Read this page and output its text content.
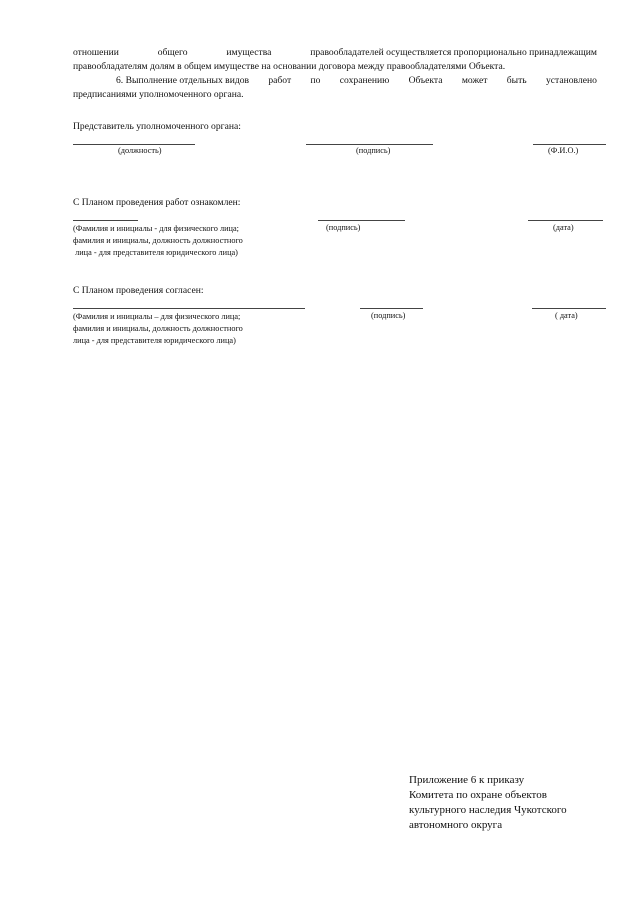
отношении	общего	имущества	правообладателей осуществляется пропорционально принадлежащим
правообладателям долям в общем имуществе на основании договора между правообладателями Объекта.
6. Выполнение отдельных видов работ по сохранению Объекта может быть установлено
предписаниями уполномоченного органа.
Представитель уполномоченного органа:
(должность)	(подпись)	(Ф.И.О.)
С Планом проведения работ ознакомлен:
(Фамилия и инициалы - для физического лица;
фамилия и инициалы, должность должностного
лица - для представителя юридического лица)
(подпись)	(дата)
С Планом проведения согласен:
(Фамилия и инициалы – для физического лица;
фамилия и инициалы, должность должностного
лица - для представителя юридического лица)
(подпись)	( дата)
Приложение 6 к приказу
Комитета по охране объектов
культурного наследия Чукотского
автономного округа
